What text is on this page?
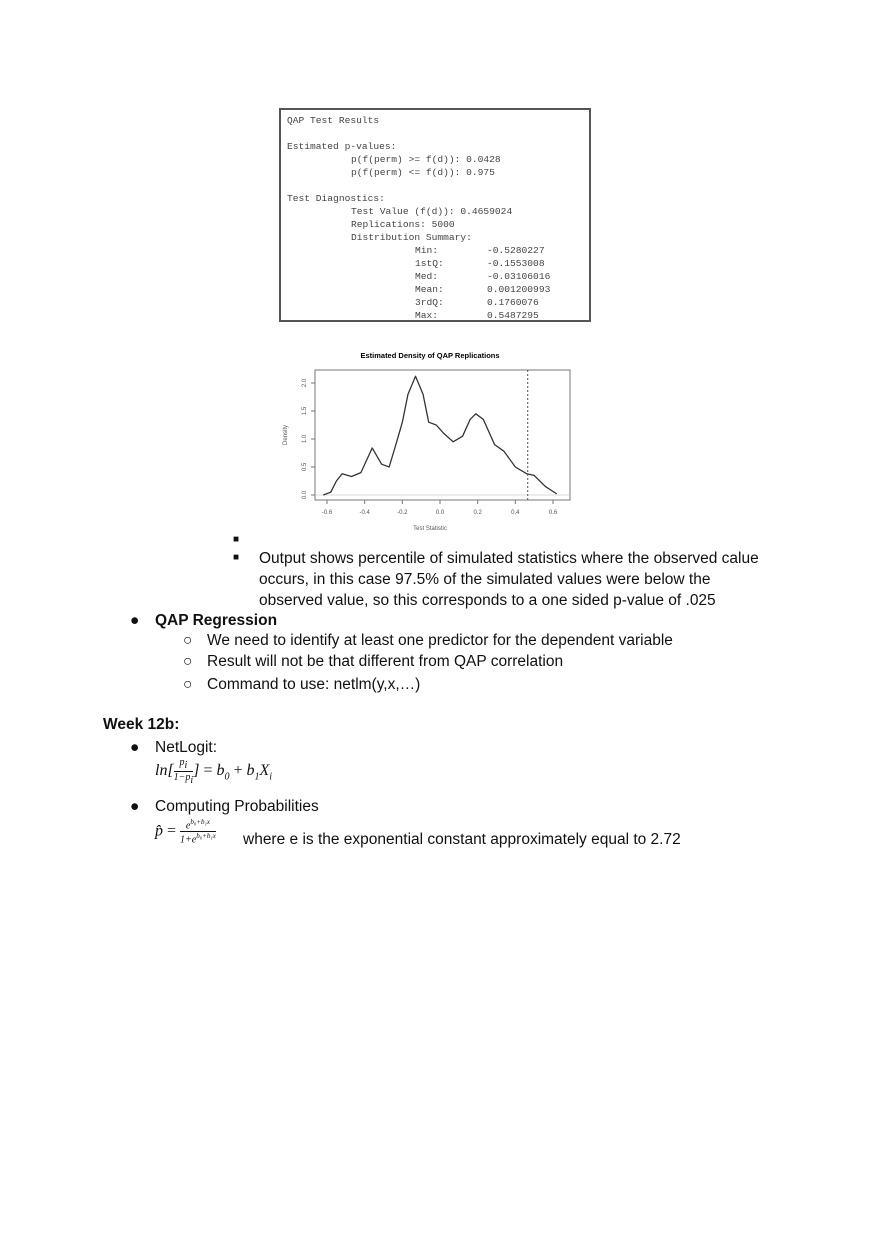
QAP Test Results
Estimated p-values:
p(f(perm) >= f(d)): 0.0428
p(f(perm) <= f(d)): 0.975
Test Diagnostics:
Test Value (f(d)): 0.4659024
Replications: 5000
Distribution Summary:
Min:	-0.5280227
1stQ:	-0.1553008
Med:	-0.03106016
Mean:	0.001200993
3rdQ:	0.1760076
Max:	0.5487295
Estimated Density of QAP Replications
-0.6	-0.4	-0.2	0.0	0.2	0.4	0.6
0.0
0.5
1.0
1.5
2.0
Test Statistic
Density
■
■ Output shows percentile of simulated statistics where the observed calue
occurs, in this case 97.5% of the simulated values were below the
observed value, so this corresponds to a one sided p-value of .025
● QAP Regression
○ We need to identify at least one predictor for the dependent variable
○ Result will not be that different from QAP correlation
○ Command to use: netlm(y,x,…)
Week 12b:
● NetLogit:
$\ln[ \frac{p_i}{1-p_i}$ ] = $b_0 + b_1X_i$
● Computing Probabilities
p̂ = $\frac{e^{b_0+b_1x}}{1+e^{b_0+b_1x}}$ where e is the exponential constant approximately equal to 2.72
